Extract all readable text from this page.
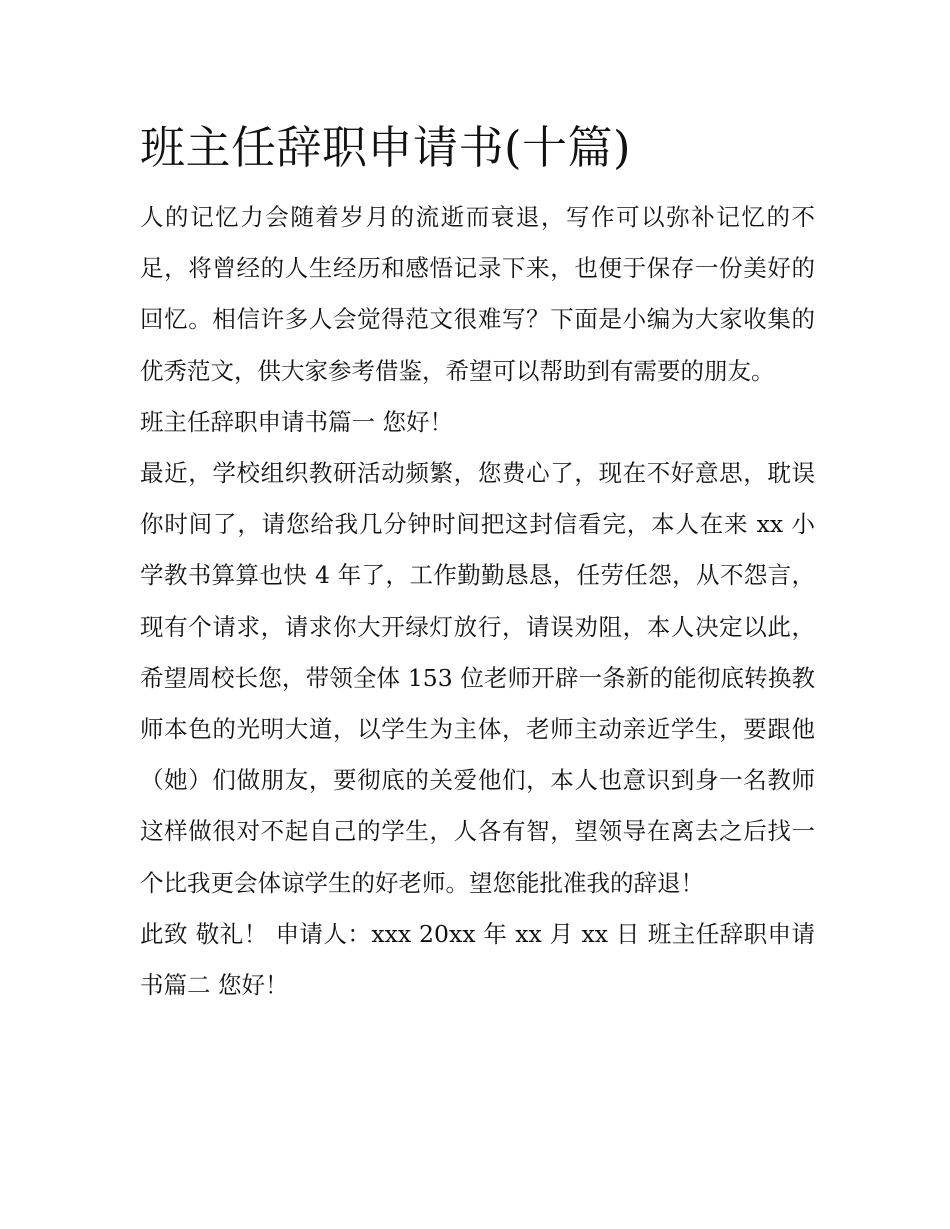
班主任辞职申请书(十篇)

人的记忆力会随着岁月的流逝而衰退，写作可以弥补记忆的不足，将曾经的人生经历和感悟记录下来，也便于保存一份美好的回忆。相信许多人会觉得范文很难写？下面是小编为大家收集的优秀范文，供大家参考借鉴，希望可以帮助到有需要的朋友。

班主任辞职申请书篇一 您好！

最近，学校组织教研活动频繁，您费心了，现在不好意思，耽误你时间了，请您给我几分钟时间把这封信看完，本人在来 xx 小学教书算算也快 4 年了，工作勤勤恳恳，任劳任怨，从不怨言，现有个请求，请求你大开绿灯放行，请误劝阻，本人决定以此，希望周校长您，带领全体 153 位老师开辟一条新的能彻底转换教师本色的光明大道，以学生为主体，老师主动亲近学生，要跟他（她）们做朋友，要彻底的关爱他们，本人也意识到身一名教师这样做很对不起自己的学生，人各有智，望领导在离去之后找一个比我更会体谅学生的好老师。望您能批准我的辞退！

此致 敬礼！ 申请人：xxx 20xx 年 xx 月 xx 日 班主任辞职申请书篇二 您好！
